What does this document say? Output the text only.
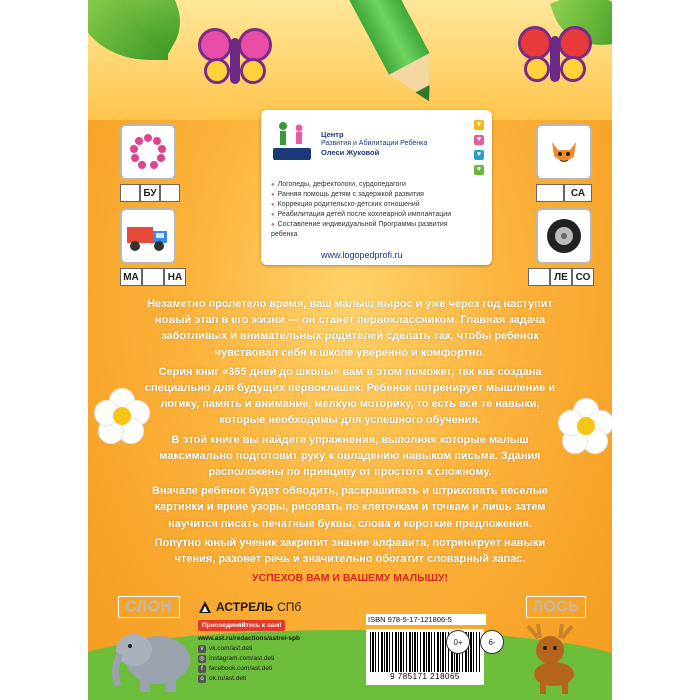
БУ
МА	НА
СА
ЛЕ СО
Центр
Развития и Абилитации Ребёнка
Олеси Жуковой
♥
♥
♥
♥
● Логопеды, дефектологи, сурдопедагоги
● Ранняя помощь детям с задержкой развития
● Коррекция родительско-детских отношений
● Реабилитация детей после кохлеарной имплантации
● Составление индивидуальной Программы развития ребенка
www.logopedprofi.ru

Незаметно пролетело время, ваш малыш вырос и уже через год наступит новый этап в его жизни — он станет первоклассником. Главная задача заботливых и внимательных родителей сделать так, чтобы ребенок чувствовал себя в школе уверенно и комфортно.

Серия книг «365 дней до школы» вам в этом поможет, так как создана специально для будущих первоклашек. Ребенок потренирует мышление и логику, память и внимание, мелкую моторику, то есть все те навыки, которые необходимы для успешного обучения.

В этой книге вы найдете упражнения, выполняя которые малыш максимально подготовит руку к овладению навыком письма. Здания расположены по принципу от простого к сложному.

Вначале ребенок будет обводить, раскрашивать и штриховать веселые картинки и яркие узоры, рисовать по клеточкам и точкам и лишь затем научится писать печатные буквы, слова и короткие предложения.

Попутно юный ученик закрепит знание алфавита, потренирует навыки чтения, разовет речь и значительно обогатит словарный запас.

УСПЕХОВ ВАМ И ВАШЕМУ МАЛЫШУ!
СЛОН	ЛОСЬ
АСТРЕЛЬ СПб
Присоединяйтесь к нам!
www.ast.ru/redactions/astrel-spb
v vk.com/ast.deti
◎ instagram.com/ast.deti
f facebook.com/ast.deti
o ok.ru/ast.deti
ISBN 978-5-17-121806-5
9 785171 218065
0+	6-
